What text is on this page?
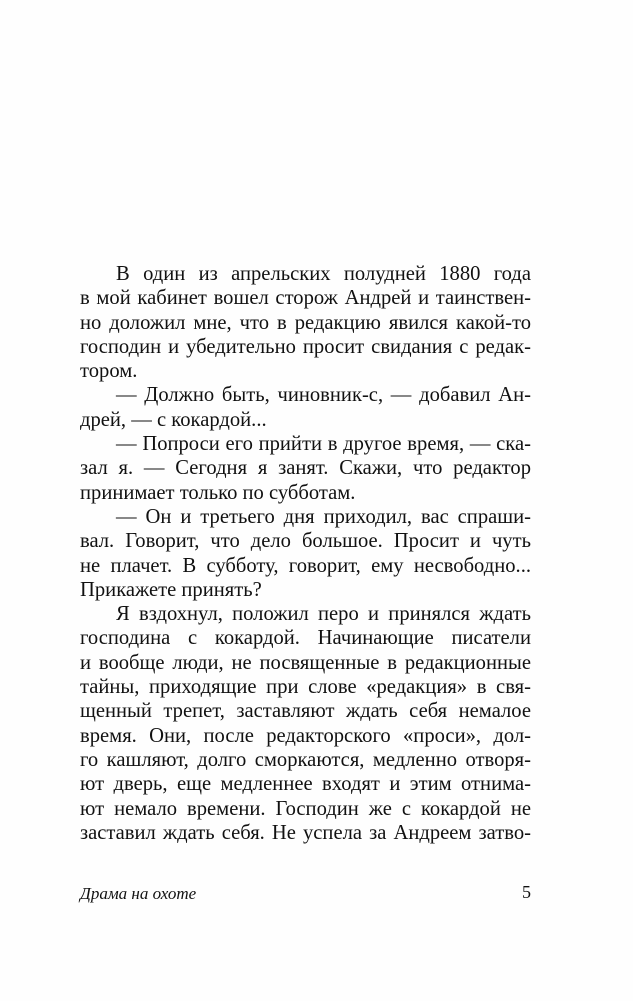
В один из апрельских полудней 1880 года
в мой кабинет вошел сторож Андрей и таинствен-
но доложил мне, что в редакцию явился какой-то
господин и убедительно просит свидания с редак-
тором.
— Должно быть, чиновник-с, — добавил Ан-
дрей, — с кокардой...
— Попроси его прийти в другое время, — ска-
зал я. — Сегодня я занят. Скажи, что редактор
принимает только по субботам.
— Он и третьего дня приходил, вас спраши-
вал. Говорит, что дело большое. Просит и чуть
не плачет. В субботу, говорит, ему несвободно...
Прикажете принять?
Я вздохнул, положил перо и принялся ждать
господина с кокардой. Начинающие писатели
и вообще люди, не посвященные в редакционные
тайны, приходящие при слове «редакция» в свя-
щенный трепет, заставляют ждать себя немалое
время. Они, после редакторского «проси», дол-
го кашляют, долго сморкаются, медленно отворя-
ют дверь, еще медленнее входят и этим отнима-
ют немало времени. Господин же с кокардой не
заставил ждать себя. Не успела за Андреем затво-
Драма на охоте	5
